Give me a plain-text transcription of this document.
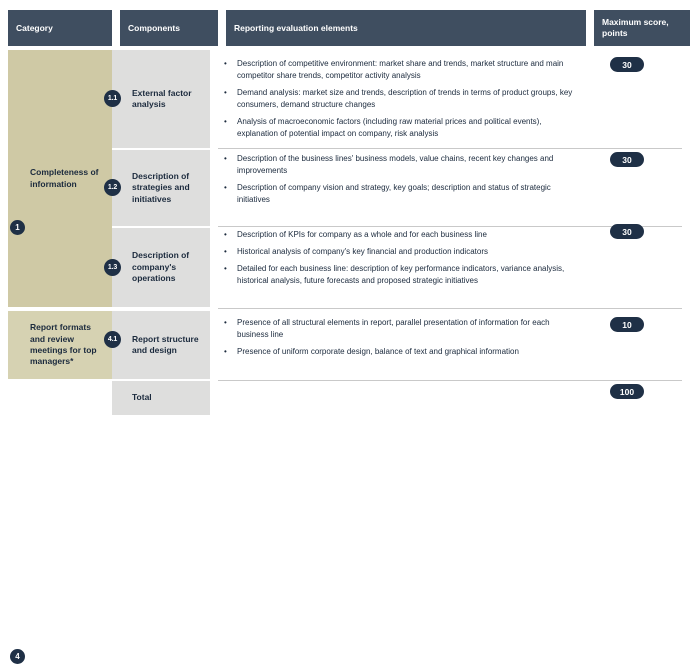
Category	Components	Reporting evaluation elements
Maximum score, points
1
Completeness of information
4
Report formats and review meetings for top managers*
External factor analysis
1.1
• Description of competitive environment: market share and trends, market structure and main competitor share trends, competitor activity analysis
• Demand analysis: market size and trends, description of trends in terms of product groups, key consumers, demand structure changes
• Analysis of macroeconomic factors (including raw material prices and political events), explanation of potential impact on company, risk analysis
30
Description of strategies and initiatives
1.2
• Description of the business lines' business models, value chains, recent key changes and improvements
• Description of company vision and strategy, key goals; description and status of strategic initiatives
30
Description of company's operations
1.3
• Description of KPIs for company as a whole and for each business line
• Historical analysis of company's key financial and production indicators
• Detailed for each business line: description of key performance indicators, variance analysis, historical analysis, future forecasts and proposed strategic initiatives
30
Report structure and design
4.1
• Presence of all structural elements in report, parallel presentation of information for each business line
• Presence of uniform corporate design, balance of text and graphical information
10
Total
100
